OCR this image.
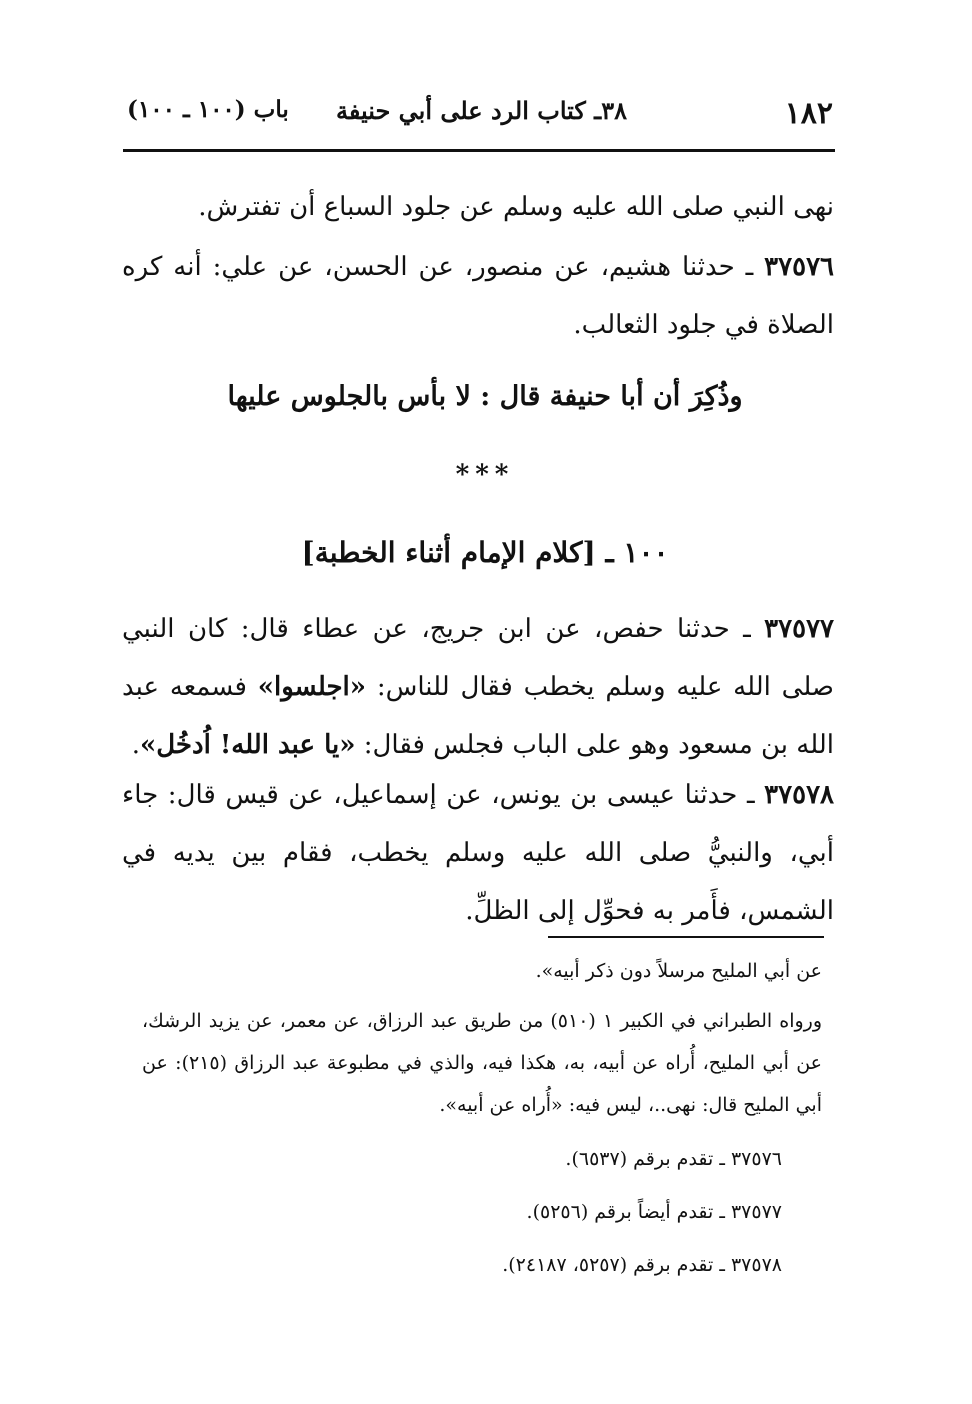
١٨٢
٣٨ـ كتاب الرد على أبي حنيفة
باب (١٠٠ ـ ١٠٠)
نهى النبي صلى الله عليه وسلم عن جلود السباع أن تفترش.
٣٧٥٧٦ ـ حدثنا هشيم، عن منصور، عن الحسن، عن علي: أنه كره الصلاة في جلود الثعالب.
وذُكِرَ أن أبا حنيفة قال : لا بأس بالجلوس عليها
***
١٠٠ ـ [كلام الإمام أثناء الخطبة]
٣٧٥٧٧ ـ حدثنا حفص، عن ابن جريج، عن عطاء قال: كان النبي صلى الله عليه وسلم يخطب فقال للناس: «اجلسوا» فسمعه عبد الله بن مسعود وهو على الباب فجلس فقال: «يا عبد الله! اُدخُل».
٣٧٥٧٨ ـ حدثنا عيسى بن يونس، عن إسماعيل، عن قيس قال: جاء أبي، والنبيُّ صلى الله عليه وسلم يخطب، فقام بين يديه في الشمس، فأَمر به فحوِّل إلى الظلِّ.
عن أبي المليح مرسلاً دون ذكر أبيه».
ورواه الطبراني في الكبير ١ (٥١٠) من طريق عبد الرزاق، عن معمر، عن يزيد الرشك، عن أبي المليح، أُراه عن أبيه، به، هكذا فيه، والذي في مطبوعة عبد الرزاق (٢١٥): عن أبي المليح قال: نهى..، ليس فيه: «أُراه عن أبيه».
٣٧٥٧٦ ـ تقدم برقم (٦٥٣٧).
٣٧٥٧٧ ـ تقدم أيضاً برقم (٥٢٥٦).
٣٧٥٧٨ ـ تقدم برقم (٥٢٥٧، ٢٤١٨٧).
